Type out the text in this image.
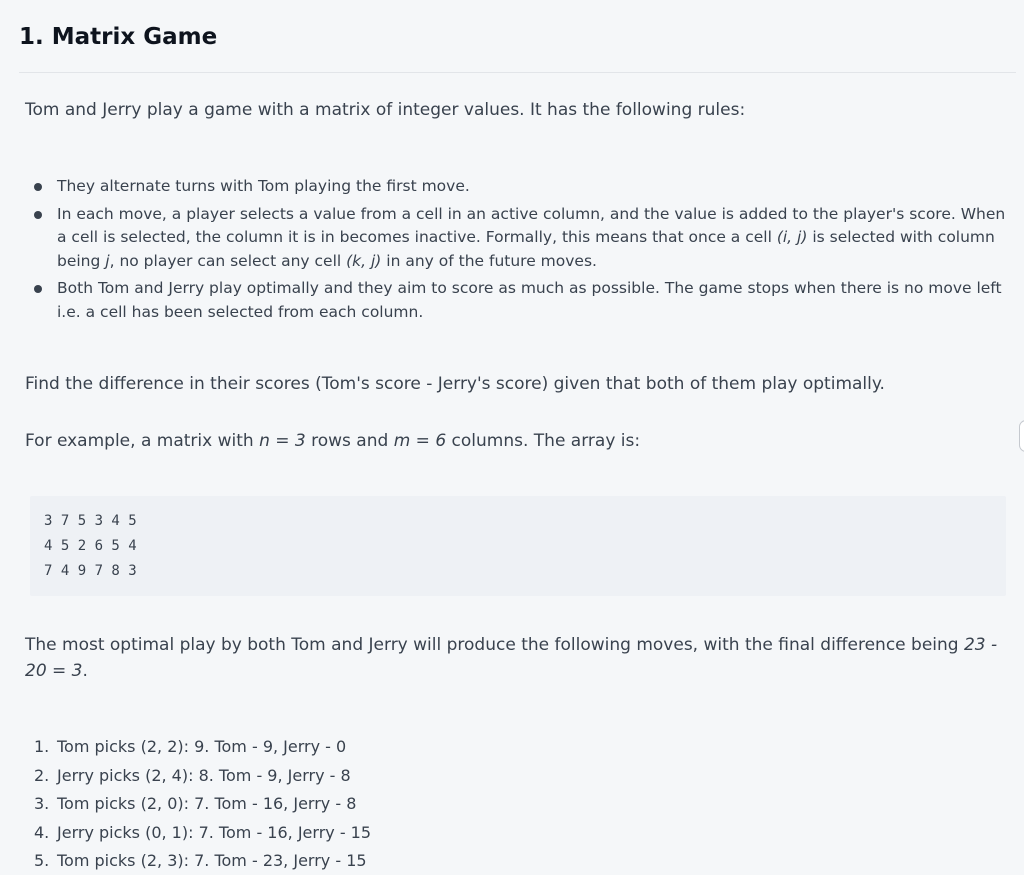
1. Matrix Game

Tom and Jerry play a game with a matrix of integer values. It has the following rules:

They alternate turns with Tom playing the first move.
In each move, a player selects a value from a cell in an active column, and the value is added to the player's score. When a cell is selected, the column it is in becomes inactive. Formally, this means that once a cell (i, j) is selected with column being j, no player can select any cell (k, j) in any of the future moves.
Both Tom and Jerry play optimally and they aim to score as much as possible. The game stops when there is no move left i.e. a cell has been selected from each column.

Find the difference in their scores (Tom's score - Jerry's score) given that both of them play optimally.

For example, a matrix with n = 3 rows and m = 6 columns. The array is:

3 7 5 3 4 5
4 5 2 6 5 4
7 4 9 7 8 3

The most optimal play by both Tom and Jerry will produce the following moves, with the final difference being 23 - 20 = 3.

1. Tom picks (2, 2): 9. Tom - 9, Jerry - 0
2. Jerry picks (2, 4): 8. Tom - 9, Jerry - 8
3. Tom picks (2, 0): 7. Tom - 16, Jerry - 8
4. Jerry picks (0, 1): 7. Tom - 16, Jerry - 15
5. Tom picks (2, 3): 7. Tom - 23, Jerry - 15
